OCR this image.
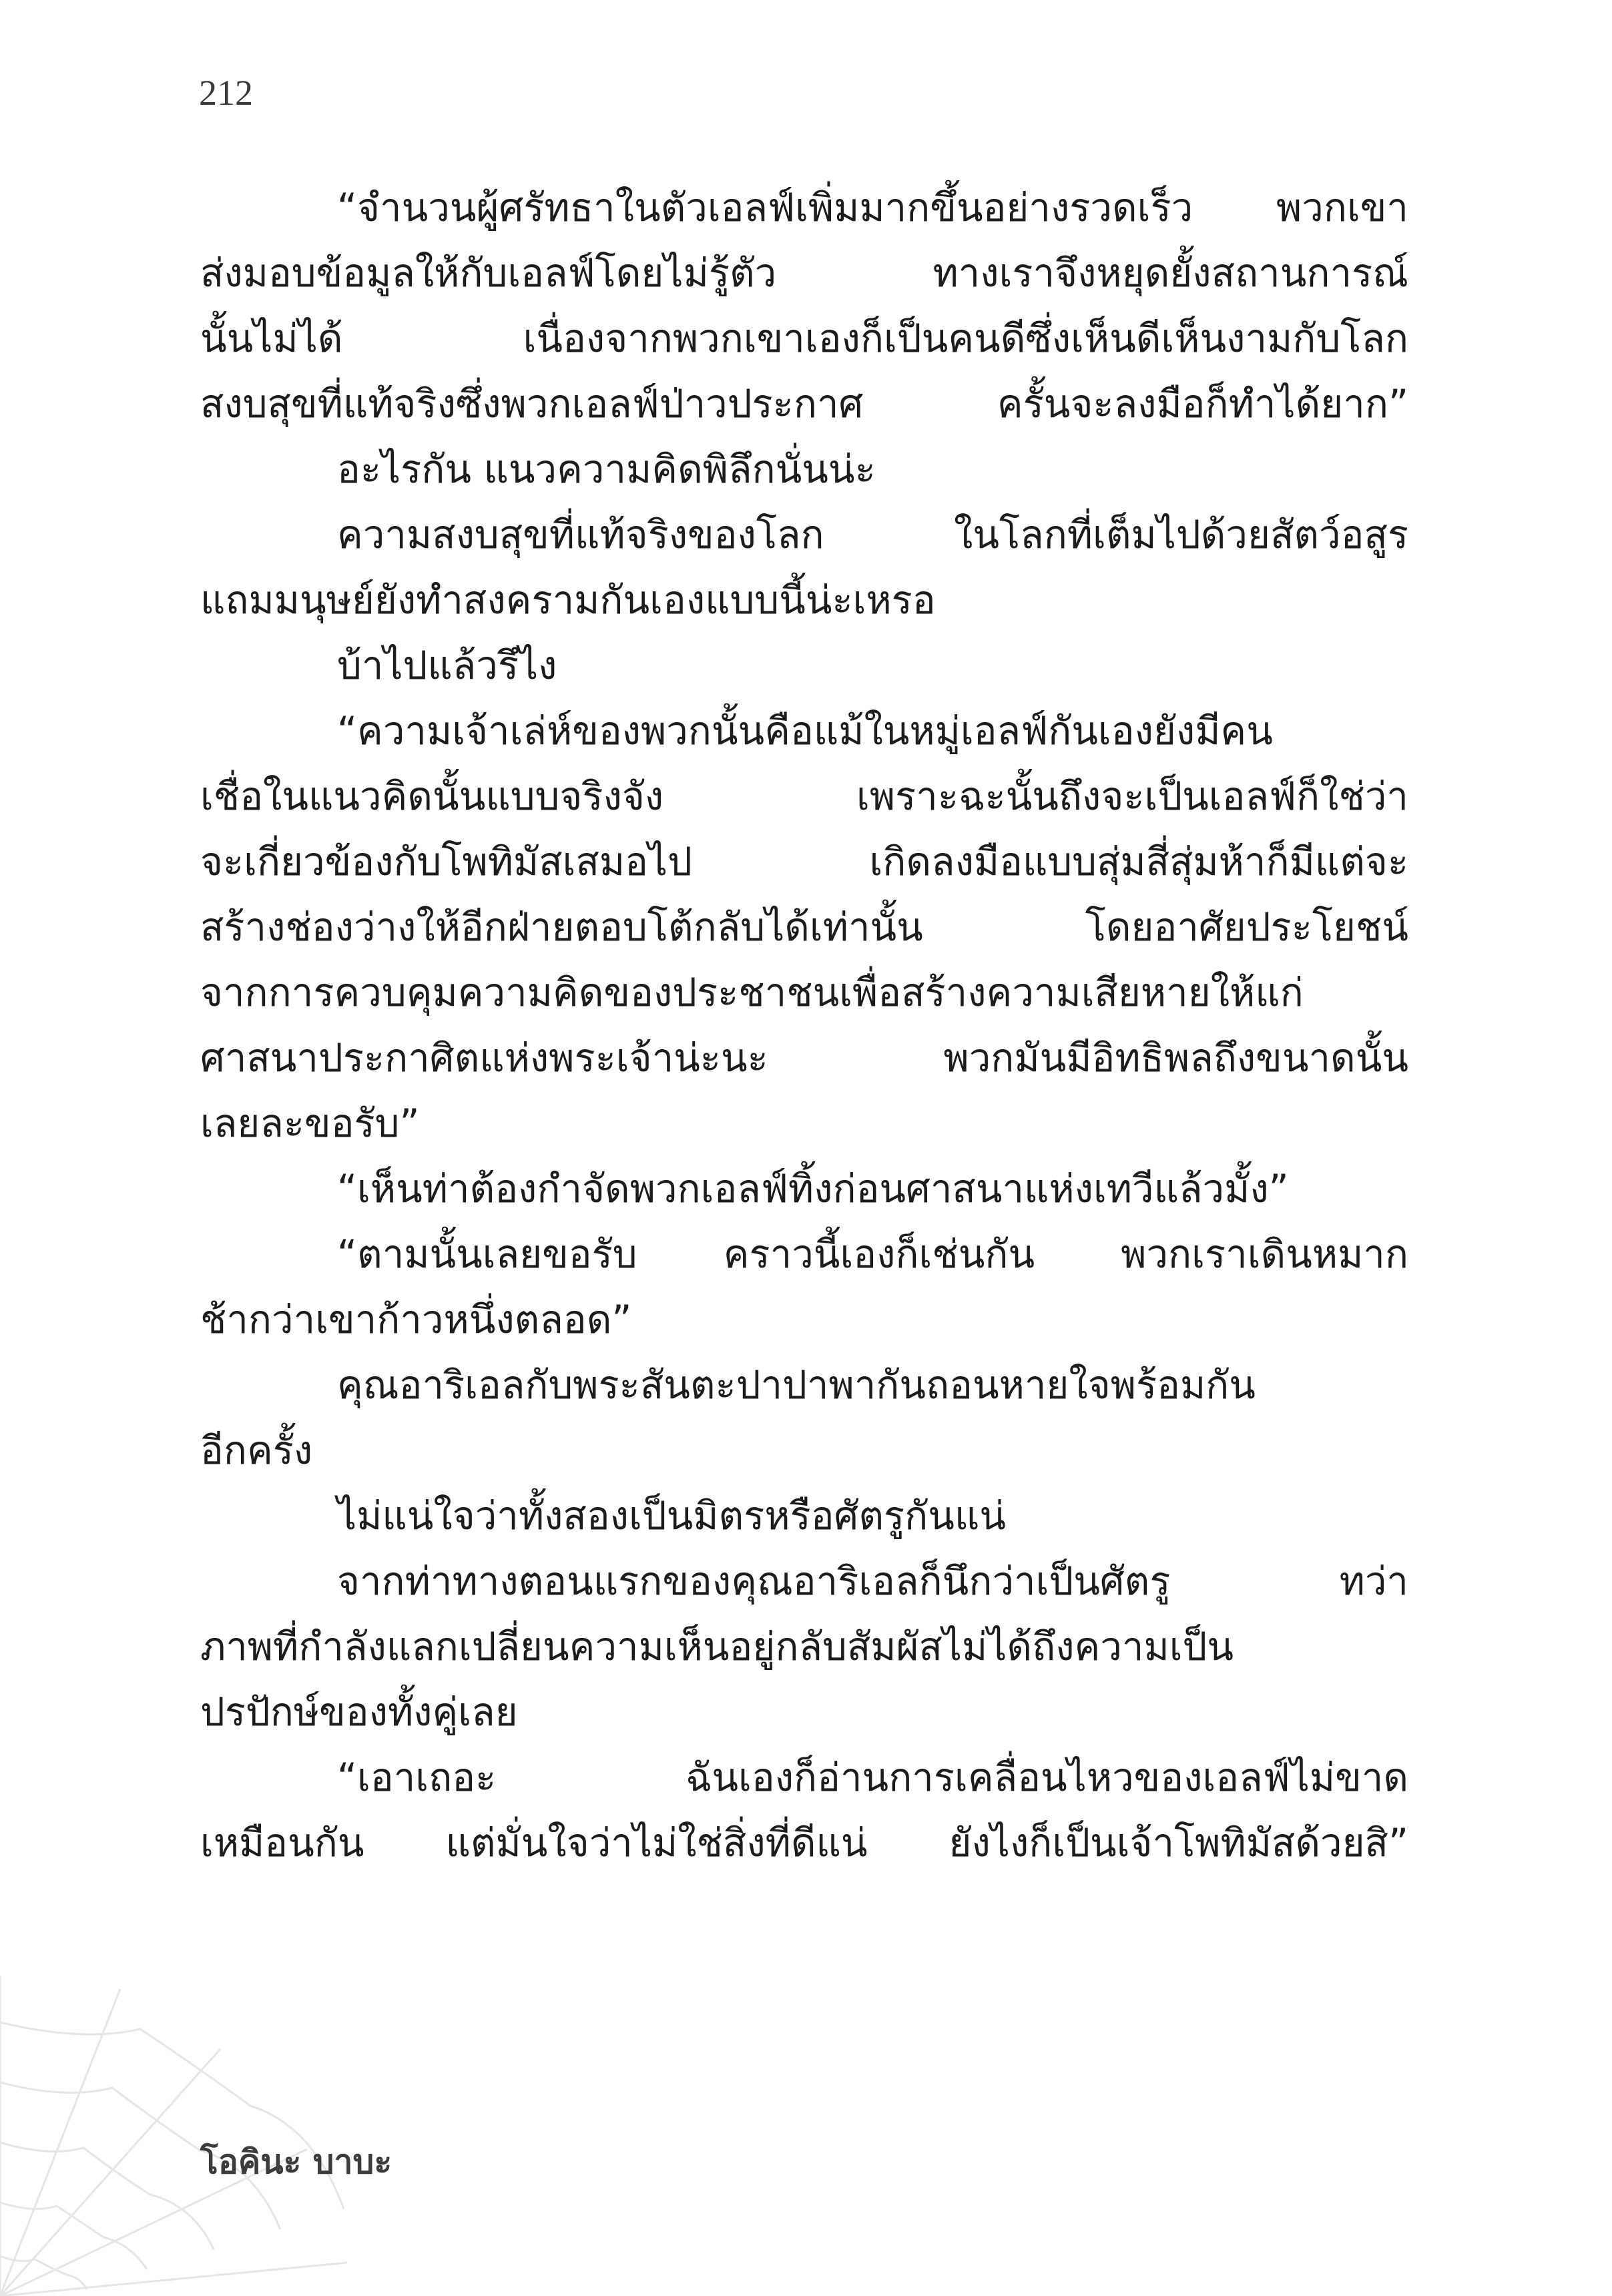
212
“จำนวนผู้ศรัทธาในตัวเอลฟ์เพิ่มมากขึ้นอย่างรวดเร็ว พวกเขา
ส่งมอบข้อมูลให้กับเอลฟ์โดยไม่รู้ตัว ทางเราจึงหยุดยั้งสถานการณ์
นั้นไม่ได้ เนื่องจากพวกเขาเองก็เป็นคนดีซึ่งเห็นดีเห็นงามกับโลก
สงบสุขที่แท้จริงซึ่งพวกเอลฟ์ป่าวประกาศ ครั้นจะลงมือก็ทำได้ยาก”
อะไรกัน แนวความคิดพิลึกนั่นน่ะ
ความสงบสุขที่แท้จริงของโลก ในโลกที่เต็มไปด้วยสัตว์อสูร
แถมมนุษย์ยังทำสงครามกันเองแบบนี้น่ะเหรอ
บ้าไปแล้วรึไง
“ความเจ้าเล่ห์ของพวกนั้นคือแม้ในหมู่เอลฟ์กันเองยังมีคน
เชื่อในแนวคิดนั้นแบบจริงจัง เพราะฉะนั้นถึงจะเป็นเอลฟ์ก็ใช่ว่า
จะเกี่ยวข้องกับโพทิมัสเสมอไป เกิดลงมือแบบสุ่มสี่สุ่มห้าก็มีแต่จะ
สร้างช่องว่างให้อีกฝ่ายตอบโต้กลับได้เท่านั้น โดยอาศัยประโยชน์
จากการควบคุมความคิดของประชาชนเพื่อสร้างความเสียหายให้แก่
ศาสนาประกาศิตแห่งพระเจ้าน่ะนะ พวกมันมีอิทธิพลถึงขนาดนั้น
เลยละขอรับ”
“เห็นท่าต้องกำจัดพวกเอลฟ์ทิ้งก่อนศาสนาแห่งเทวีแล้วมั้ง”
“ตามนั้นเลยขอรับ คราวนี้เองก็เช่นกัน พวกเราเดินหมาก
ช้ากว่าเขาก้าวหนึ่งตลอด”
คุณอาริเอลกับพระสันตะปาปาพากันถอนหายใจพร้อมกัน
อีกครั้ง
ไม่แน่ใจว่าทั้งสองเป็นมิตรหรือศัตรูกันแน่
จากท่าทางตอนแรกของคุณอาริเอลก็นึกว่าเป็นศัตรู ทว่า
ภาพที่กำลังแลกเปลี่ยนความเห็นอยู่กลับสัมผัสไม่ได้ถึงความเป็น
ปรปักษ์ของทั้งคู่เลย
“เอาเถอะ ฉันเองก็อ่านการเคลื่อนไหวของเอลฟ์ไม่ขาด
เหมือนกัน แต่มั่นใจว่าไม่ใช่สิ่งที่ดีแน่ ยังไงก็เป็นเจ้าโพทิมัสด้วยสิ”
โอคินะ บาบะ
